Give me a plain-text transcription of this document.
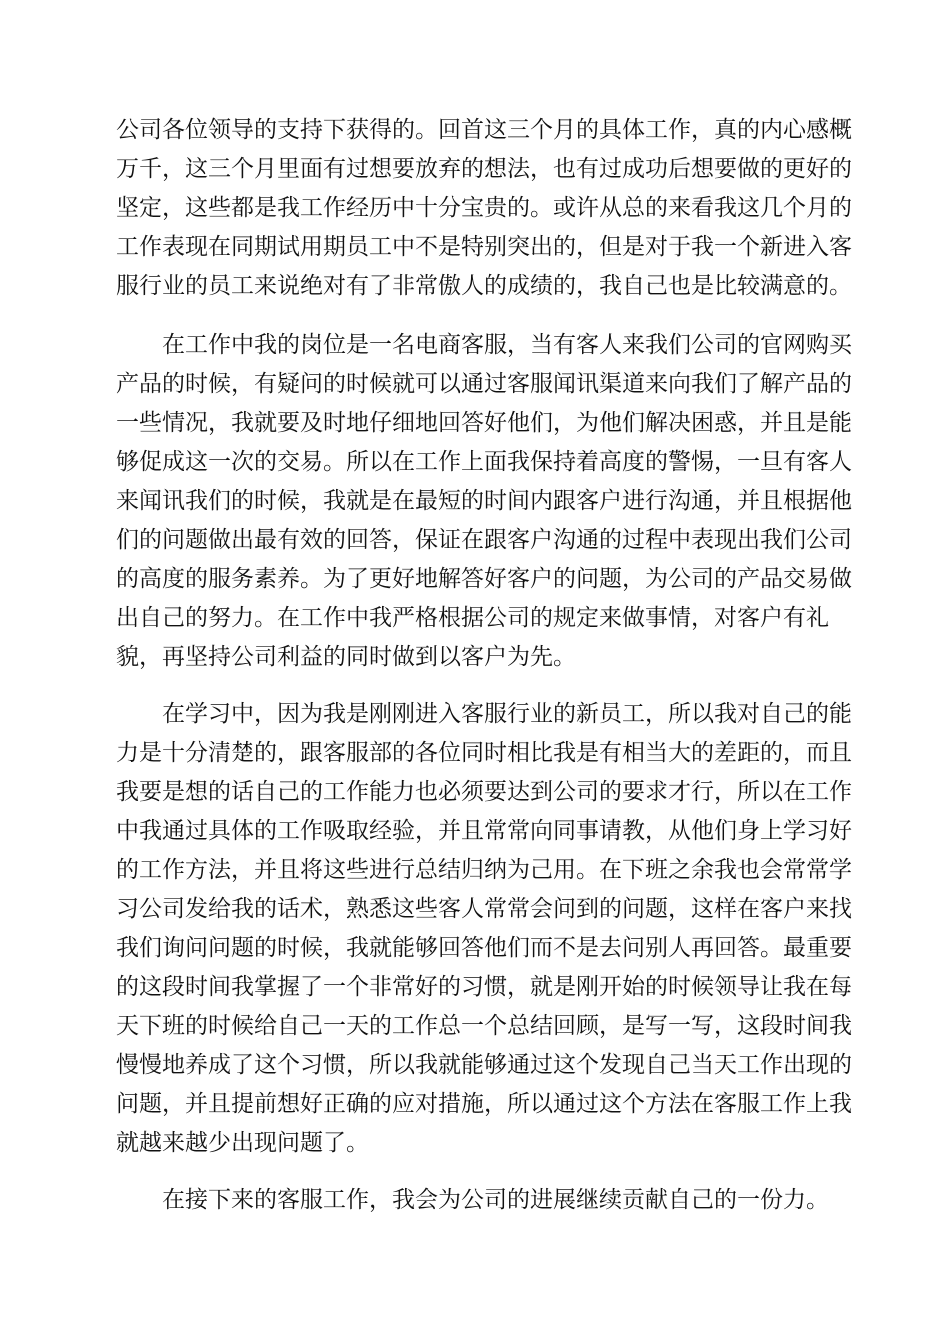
公司各位领导的支持下获得的。回首这三个月的具体工作，真的内心感概
万千，这三个月里面有过想要放弃的想法，也有过成功后想要做的更好的
坚定，这些都是我工作经历中十分宝贵的。或许从总的来看我这几个月的
工作表现在同期试用期员工中不是特别突出的，但是对于我一个新进入客
服行业的员工来说绝对有了非常傲人的成绩的，我自己也是比较满意的。
在工作中我的岗位是一名电商客服，当有客人来我们公司的官网购买
产品的时候，有疑问的时候就可以通过客服闻讯渠道来向我们了解产品的
一些情况，我就要及时地仔细地回答好他们，为他们解决困惑，并且是能
够促成这一次的交易。所以在工作上面我保持着高度的警惕，一旦有客人
来闻讯我们的时候，我就是在最短的时间内跟客户进行沟通，并且根据他
们的问题做出最有效的回答，保证在跟客户沟通的过程中表现出我们公司
的高度的服务素养。为了更好地解答好客户的问题，为公司的产品交易做
出自己的努力。在工作中我严格根据公司的规定来做事情，对客户有礼
貌，再坚持公司利益的同时做到以客户为先。
在学习中，因为我是刚刚进入客服行业的新员工，所以我对自己的能
力是十分清楚的，跟客服部的各位同时相比我是有相当大的差距的，而且
我要是想的话自己的工作能力也必须要达到公司的要求才行，所以在工作
中我通过具体的工作吸取经验，并且常常向同事请教，从他们身上学习好
的工作方法，并且将这些进行总结归纳为己用。在下班之余我也会常常学
习公司发给我的话术，熟悉这些客人常常会问到的问题，这样在客户来找
我们询问问题的时候，我就能够回答他们而不是去问别人再回答。最重要
的这段时间我掌握了一个非常好的习惯，就是刚开始的时候领导让我在每
天下班的时候给自己一天的工作总一个总结回顾，是写一写，这段时间我
慢慢地养成了这个习惯，所以我就能够通过这个发现自己当天工作出现的
问题，并且提前想好正确的应对措施，所以通过这个方法在客服工作上我
就越来越少出现问题了。
在接下来的客服工作，我会为公司的进展继续贡献自己的一份力。
